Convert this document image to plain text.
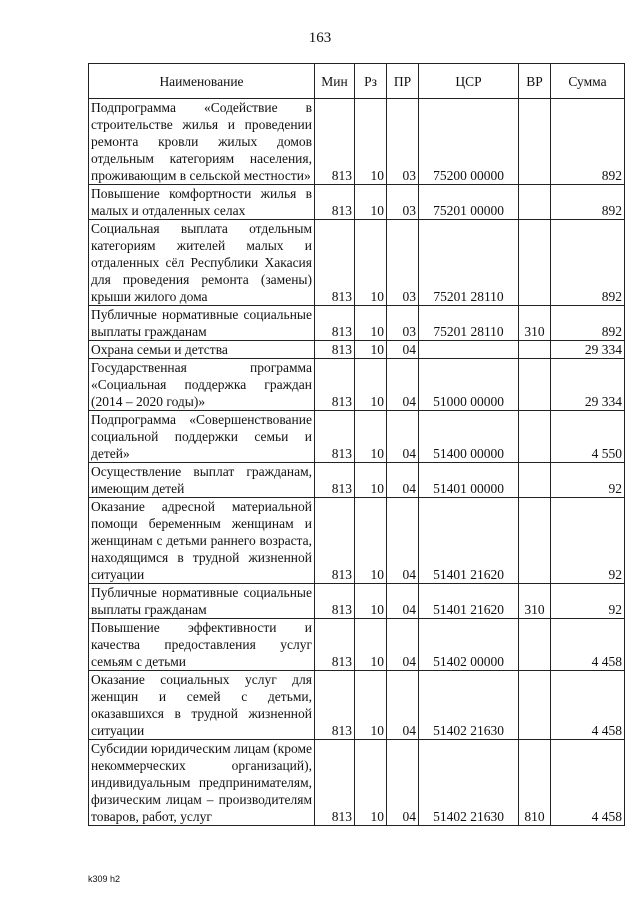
163
Наименование	Мин	Рз	ПР	ЦСР	ВР	Сумма
Подпрограмма «Содействие в строительстве жилья и проведении ремонта кровли жилых домов отдельным категориям населения, проживающим в сельской местности»	813	10	03	75200 00000		892
Повышение комфортности жилья в малых и отдаленных селах	813	10	03	75201 00000		892
Социальная выплата отдельным категориям жителей малых и отдаленных сёл Республики Хакасия для проведения ремонта (замены) крыши жилого дома	813	10	03	75201 28110		892
Публичные нормативные социальные выплаты гражданам	813	10	03	75201 28110	310	892
Охрана семьи и детства	813	10	04			29 334
Государственная программа «Социальная поддержка граждан (2014 – 2020 годы)»	813	10	04	51000 00000		29 334
Подпрограмма «Совершенствование социальной поддержки семьи и детей»	813	10	04	51400 00000		4 550
Осуществление выплат гражданам, имеющим детей	813	10	04	51401 00000		92
Оказание адресной материальной помощи беременным женщинам и женщинам с детьми раннего возраста, находящимся в трудной жизненной ситуации	813	10	04	51401 21620		92
Публичные нормативные социальные выплаты гражданам	813	10	04	51401 21620	310	92
Повышение эффективности и качества предоставления услуг семьям с детьми	813	10	04	51402 00000		4 458
Оказание социальных услуг для женщин и семей с детьми, оказавшихся в трудной жизненной ситуации	813	10	04	51402 21630		4 458
Субсидии юридическим лицам (кроме некоммерческих организаций), индивидуальным предпринимателям, физическим лицам – производителям товаров, работ, услуг	813	10	04	51402 21630	810	4 458
k309 h2
